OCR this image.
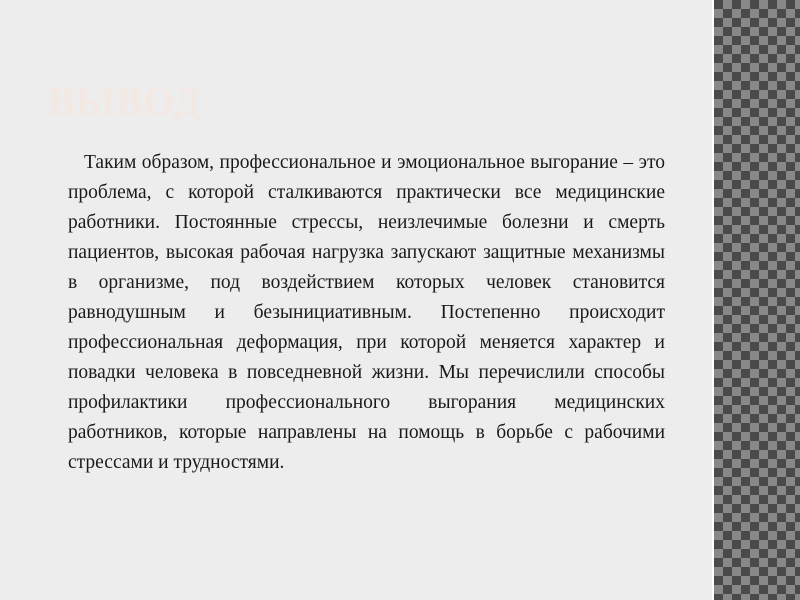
ВЫВОД

Таким образом, профессиональное и эмоциональное выгорание – это проблема, с которой сталкиваются практически все медицинские работники. Постоянные стрессы, неизлечимые болезни и смерть пациентов, высокая рабочая нагрузка запускают защитные механизмы в организме, под воздействием которых человек становится равнодушным и безынициативным. Постепенно происходит профессиональная деформация, при которой меняется характер и повадки человека в повседневной жизни. Мы перечислили способы профилактики профессионального выгорания медицинских работников, которые направлены на помощь в борьбе с рабочими стрессами и трудностями.
